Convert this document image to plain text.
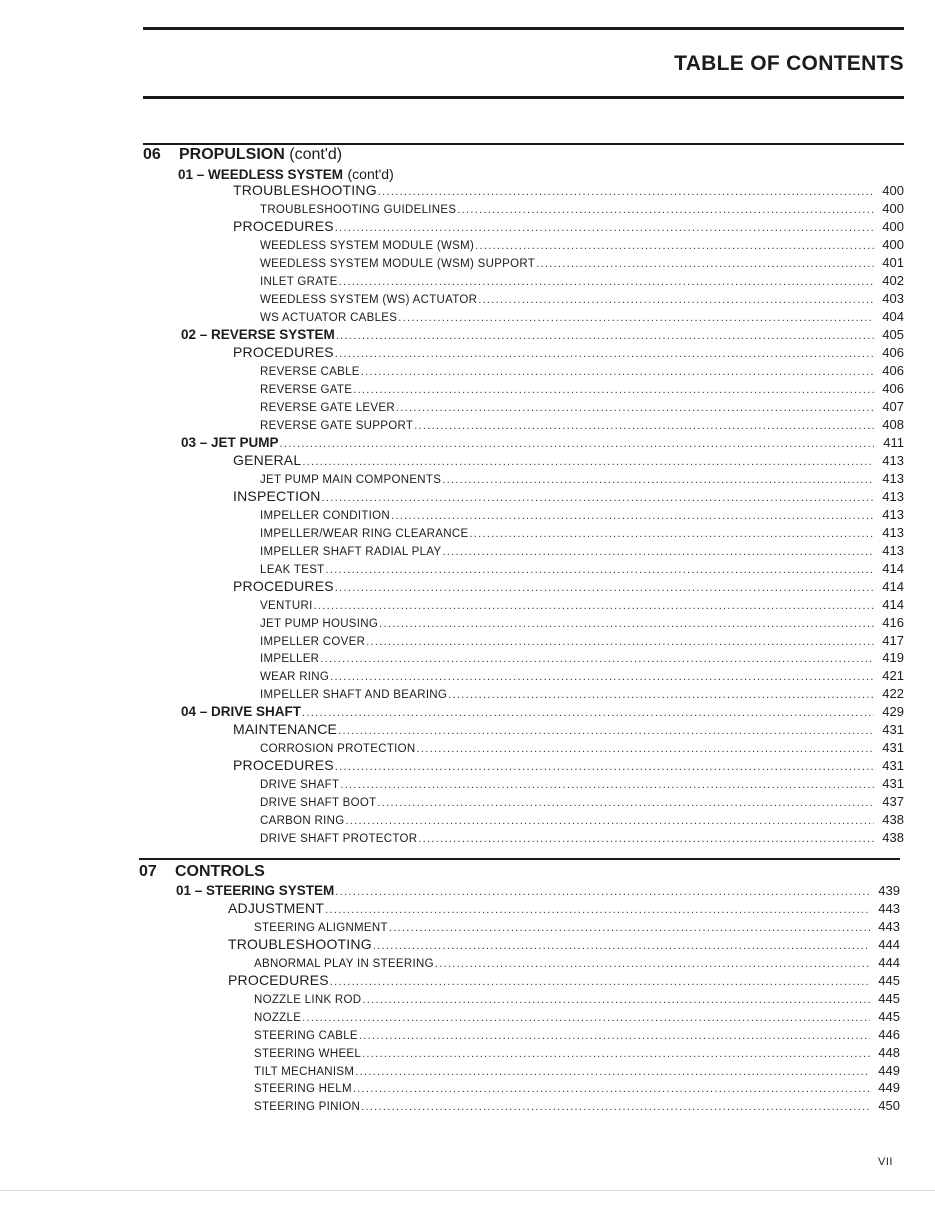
TABLE OF CONTENTS
06 PROPULSION (cont'd)
01 – WEEDLESS SYSTEM (cont'd)
TROUBLESHOOTING .....	400
TROUBLESHOOTING GUIDELINES .....	400
PROCEDURES .....	400
WEEDLESS SYSTEM MODULE (WSM) .....	400
WEEDLESS SYSTEM MODULE (WSM) SUPPORT .....	401
INLET GRATE .....	402
WEEDLESS SYSTEM (WS) ACTUATOR .....	403
WS ACTUATOR CABLES .....	404
02 – REVERSE SYSTEM .....	405
PROCEDURES .....	406
REVERSE CABLE .....	406
REVERSE GATE .....	406
REVERSE GATE LEVER .....	407
REVERSE GATE SUPPORT .....	408
03 – JET PUMP .....	411
GENERAL .....	413
JET PUMP MAIN COMPONENTS .....	413
INSPECTION .....	413
IMPELLER CONDITION .....	413
IMPELLER/WEAR RING CLEARANCE .....	413
IMPELLER SHAFT RADIAL PLAY .....	413
LEAK TEST .....	414
PROCEDURES .....	414
VENTURI .....	414
JET PUMP HOUSING .....	416
IMPELLER COVER .....	417
IMPELLER .....	419
WEAR RING .....	421
IMPELLER SHAFT AND BEARING .....	422
04 – DRIVE SHAFT .....	429
MAINTENANCE .....	431
CORROSION PROTECTION .....	431
PROCEDURES .....	431
DRIVE SHAFT .....	431
DRIVE SHAFT BOOT .....	437
CARBON RING .....	438
DRIVE SHAFT PROTECTOR .....	438
07 CONTROLS
01 – STEERING SYSTEM .....	439
ADJUSTMENT .....	443
STEERING ALIGNMENT .....	443
TROUBLESHOOTING .....	444
ABNORMAL PLAY IN STEERING .....	444
PROCEDURES .....	445
NOZZLE LINK ROD .....	445
NOZZLE .....	445
STEERING CABLE .....	446
STEERING WHEEL .....	448
TILT MECHANISM .....	449
STEERING HELM .....	449
STEERING PINION .....	450
VII
